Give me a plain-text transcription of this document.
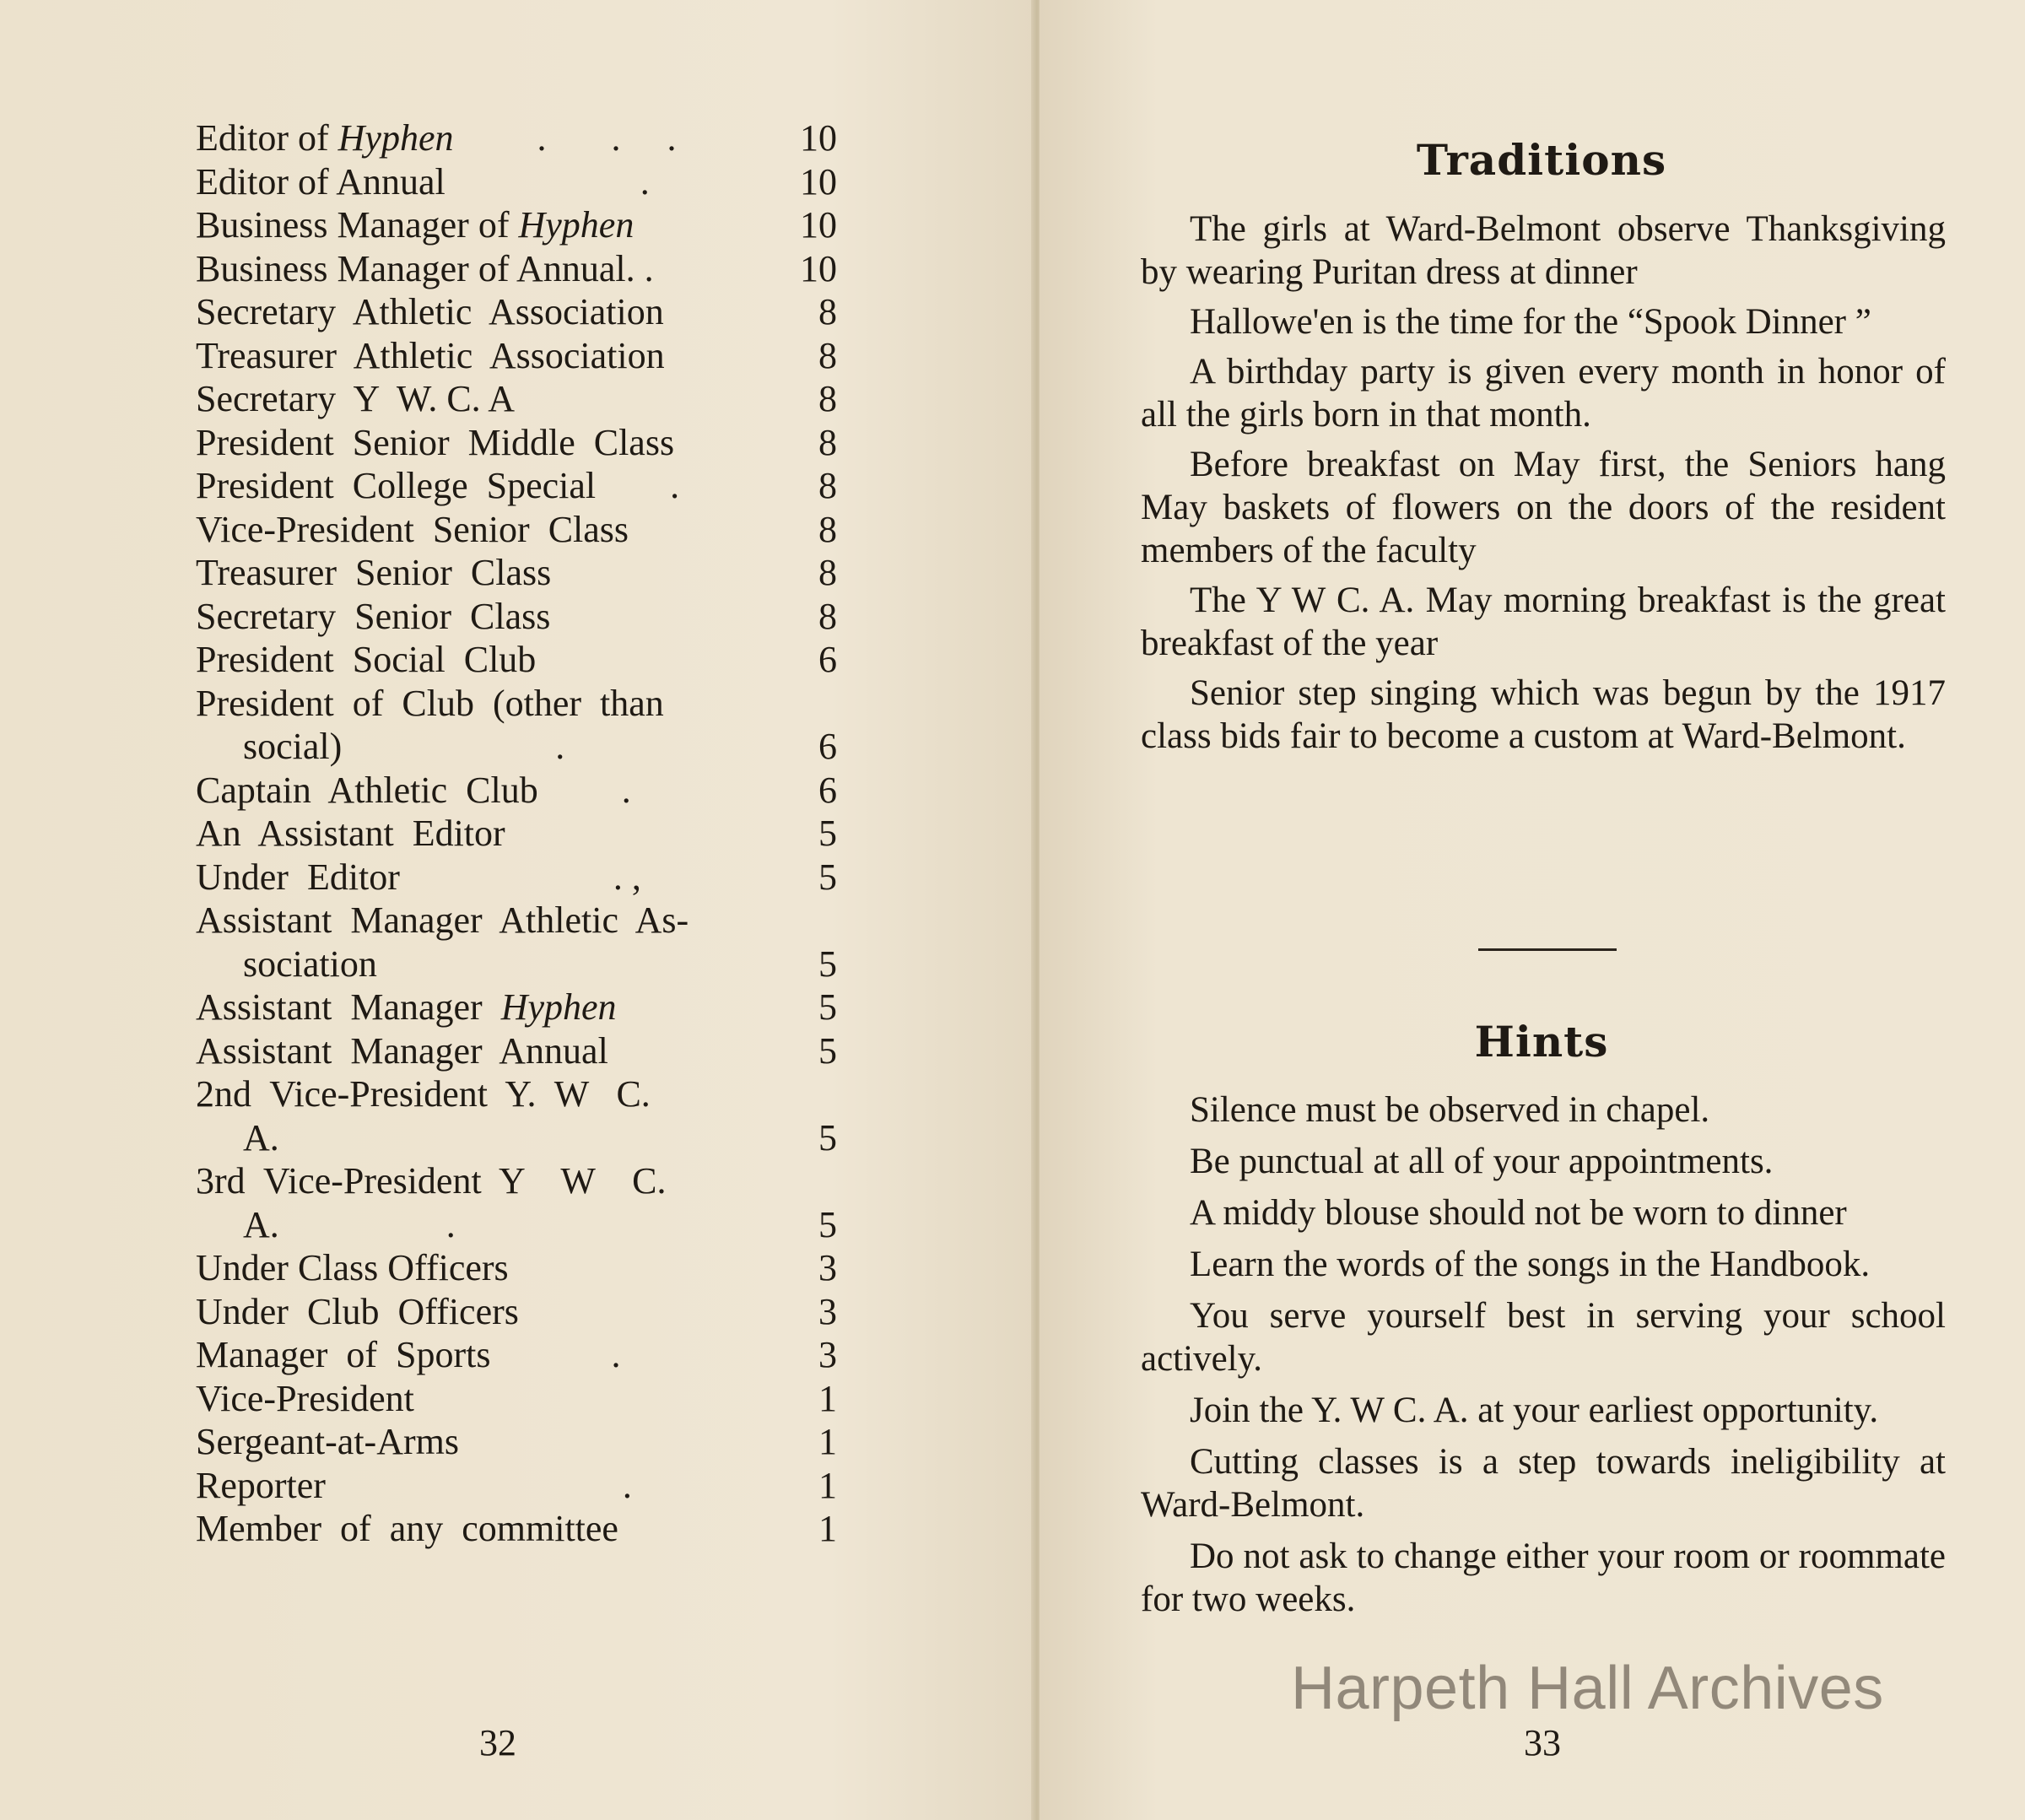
Editor of Hyphen         .       .     .	10
Editor of Annual                     .	10
Business Manager of Hyphen	10
Business Manager of Annual. .	10
Secretary  Athletic  Association	8
Treasurer  Athletic  Association	8
Secretary  Y  W. C. A	8
President  Senior  Middle  Class	8
President  College  Special        .	8
Vice-President  Senior  Class	8
Treasurer  Senior  Class	8
Secretary  Senior  Class	8
President  Social  Club	6
President  of  Club  (other  than
social)                       .	6
Captain  Athletic  Club         .	6
An  Assistant  Editor	5
Under  Editor                       . ,	5
Assistant  Manager  Athletic  As-
sociation	5
Assistant  Manager  Hyphen	5
Assistant  Manager  Annual	5
2nd  Vice-President  Y.  W   C.
A.	5
3rd  Vice-President  Y    W    C.
A.                  .	5
Under Class Officers	3
Under  Club  Officers	3
Manager  of  Sports             .	3
Vice-President	1
Sergeant-at-Arms	1
Reporter                                .	1
Member  of  any  committee	1
32
Traditions

The girls at Ward-Belmont observe Thanksgiving by wearing Puritan dress at dinner

Hallowe'en is the time for the “Spook Dinner ”

A birthday party is given every month in honor of all the girls born in that month.

Before breakfast on May first, the Seniors hang May baskets of flowers on the doors of the resident members of the faculty

The Y W C. A. May morning breakfast is the great breakfast of the year

Senior step singing which was begun by the 1917 class bids fair to become a custom at Ward-Belmont.

Hints

Silence must be observed in chapel.

Be punctual at all of your appointments.

A middy blouse should not be worn to dinner

Learn the words of the songs in the Handbook.

You serve yourself best in serving your school actively.

Join the Y. W C. A. at your earliest opportunity.

Cutting classes is a step towards ineligibility at Ward-Belmont.

Do not ask to change either your room or roommate for two weeks.

33
Harpeth Hall Archives
